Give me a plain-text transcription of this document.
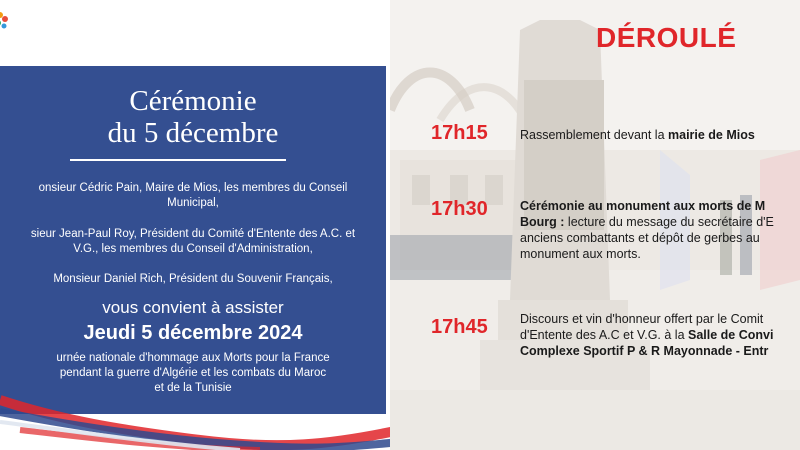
Cérémonie
du 5 décembre
onsieur Cédric Pain, Maire de Mios, les membres du Conseil
Municipal,
sieur Jean-Paul Roy, Président du Comité d'Entente des A.C. et
V.G., les membres du Conseil d'Administration,
Monsieur Daniel Rich, Président du Souvenir Français,
vous convient à assister
Jeudi 5 décembre 2024
urnée nationale d'hommage aux Morts pour la France
pendant la guerre d'Algérie et les combats du Maroc
et de la Tunisie
DÉROULÉ
17h15	Rassemblement devant la mairie de Mios
17h30	Cérémonie au monument aux morts de M
Bourg : lecture du message du secrétaire d'E
anciens combattants et dépôt de gerbes au
monument aux morts.
17h45	Discours et vin d'honneur offert par le Comit
d'Entente des A.C et V.G. à la Salle de Convi
Complexe Sportif P & R Mayonnade - Entr
